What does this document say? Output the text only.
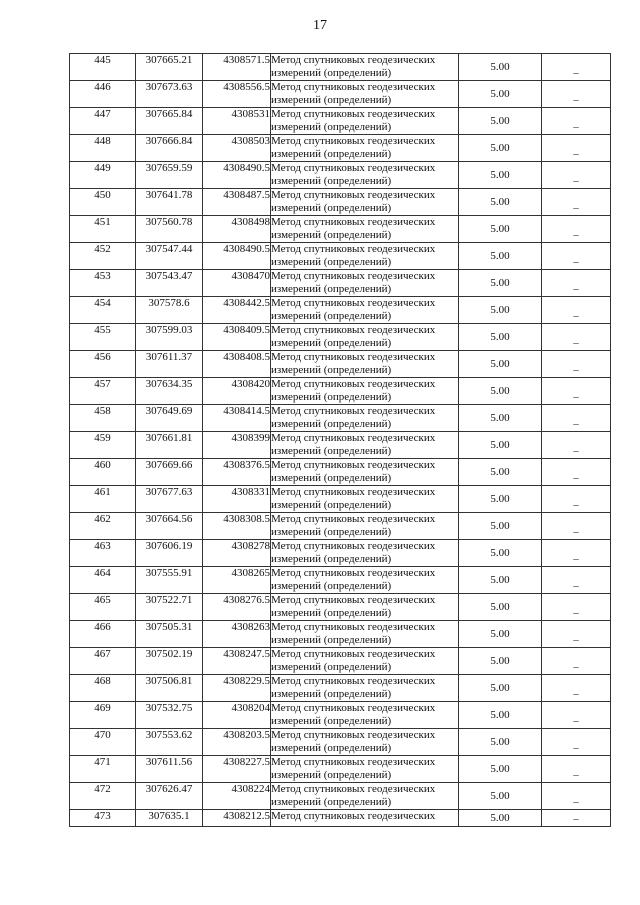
17
445	307665.21	4308571.5	Метод спутниковых геодезических измерений (определений)	5.00	–
446	307673.63	4308556.5	Метод спутниковых геодезических измерений (определений)	5.00	–
447	307665.84	4308531	Метод спутниковых геодезических измерений (определений)	5.00	–
448	307666.84	4308503	Метод спутниковых геодезических измерений (определений)	5.00	–
449	307659.59	4308490.5	Метод спутниковых геодезических измерений (определений)	5.00	–
450	307641.78	4308487.5	Метод спутниковых геодезических измерений (определений)	5.00	–
451	307560.78	4308498	Метод спутниковых геодезических измерений (определений)	5.00	–
452	307547.44	4308490.5	Метод спутниковых геодезических измерений (определений)	5.00	–
453	307543.47	4308470	Метод спутниковых геодезических измерений (определений)	5.00	–
454	307578.6	4308442.5	Метод спутниковых геодезических измерений (определений)	5.00	–
455	307599.03	4308409.5	Метод спутниковых геодезических измерений (определений)	5.00	–
456	307611.37	4308408.5	Метод спутниковых геодезических измерений (определений)	5.00	–
457	307634.35	4308420	Метод спутниковых геодезических измерений (определений)	5.00	–
458	307649.69	4308414.5	Метод спутниковых геодезических измерений (определений)	5.00	–
459	307661.81	4308399	Метод спутниковых геодезических измерений (определений)	5.00	–
460	307669.66	4308376.5	Метод спутниковых геодезических измерений (определений)	5.00	–
461	307677.63	4308331	Метод спутниковых геодезических измерений (определений)	5.00	–
462	307664.56	4308308.5	Метод спутниковых геодезических измерений (определений)	5.00	–
463	307606.19	4308278	Метод спутниковых геодезических измерений (определений)	5.00	–
464	307555.91	4308265	Метод спутниковых геодезических измерений (определений)	5.00	–
465	307522.71	4308276.5	Метод спутниковых геодезических измерений (определений)	5.00	–
466	307505.31	4308263	Метод спутниковых геодезических измерений (определений)	5.00	–
467	307502.19	4308247.5	Метод спутниковых геодезических измерений (определений)	5.00	–
468	307506.81	4308229.5	Метод спутниковых геодезических измерений (определений)	5.00	–
469	307532.75	4308204	Метод спутниковых геодезических измерений (определений)	5.00	–
470	307553.62	4308203.5	Метод спутниковых геодезических измерений (определений)	5.00	–
471	307611.56	4308227.5	Метод спутниковых геодезических измерений (определений)	5.00	–
472	307626.47	4308224	Метод спутниковых геодезических измерений (определений)	5.00	–
473	307635.1	4308212.5	Метод спутниковых геодезических	5.00	–
